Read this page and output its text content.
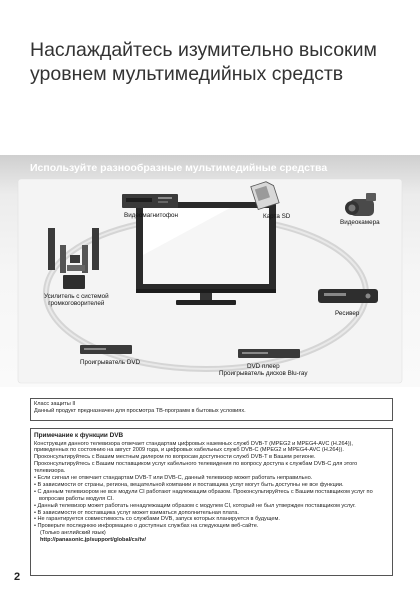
Наслаждайтесь изумительно высоким
уровнем мультимедийных средств

Используйте разнообразные мультимедийные средства

Видеомагнитофон	Карта SD
Видеокамера
Усилитель с системой
громкоговорителей
Ресивер
Проигрыватель DVD
DVD плеер
Проигрыватель дисков Blu-ray

Класс защиты II

Данный продукт предназначен для просмотра ТВ-программ в бытовых условиях.

Примечание к функции DVB

Конструкция данного телевизора отвечает стандартам цифровых наземных служб DVB-T (MPEG2 и MPEG4-AVC (H.264)), приведенных по состоянию на август 2009 года, и цифровых кабельных служб DVB-C (MPEG2 и MPEG4-AVC (H.264)).

Проконсультируйтесь с Вашим местным дилером по вопросам доступности служб DVB-T в Вашем регионе.

Проконсультируйтесь с Вашим поставщиком услуг кабельного телевидения по вопросу доступа к службам DVB-C для этого телевизора.

• Если сигнал не отвечает стандартам DVB-T или DVB-C, данный телевизор может работать неправильно.

• В зависимости от страны, региона, вещательной компании и поставщика услуг могут быть доступны не все функции.

• С данным телевизором не все модули CI работают надлежащим образом. Проконсультируйтесь с Вашим поставщиком услуг по вопросам работы модуля CI.

• Данный телевизор может работать ненадлежащим образом с модулем CI, который не был утвержден поставщиком услуг.

• В зависимости от поставщика услуг может взиматься дополнительная плата.

• Не гарантируется совместимость со службами DVB, запуск которых планируется в будущем.

• Проверьте последнюю информацию о доступных службах на следующем веб-сайте.

(Только английский язык)

http://panasonic.jp/support/global/cs/tv/

2
